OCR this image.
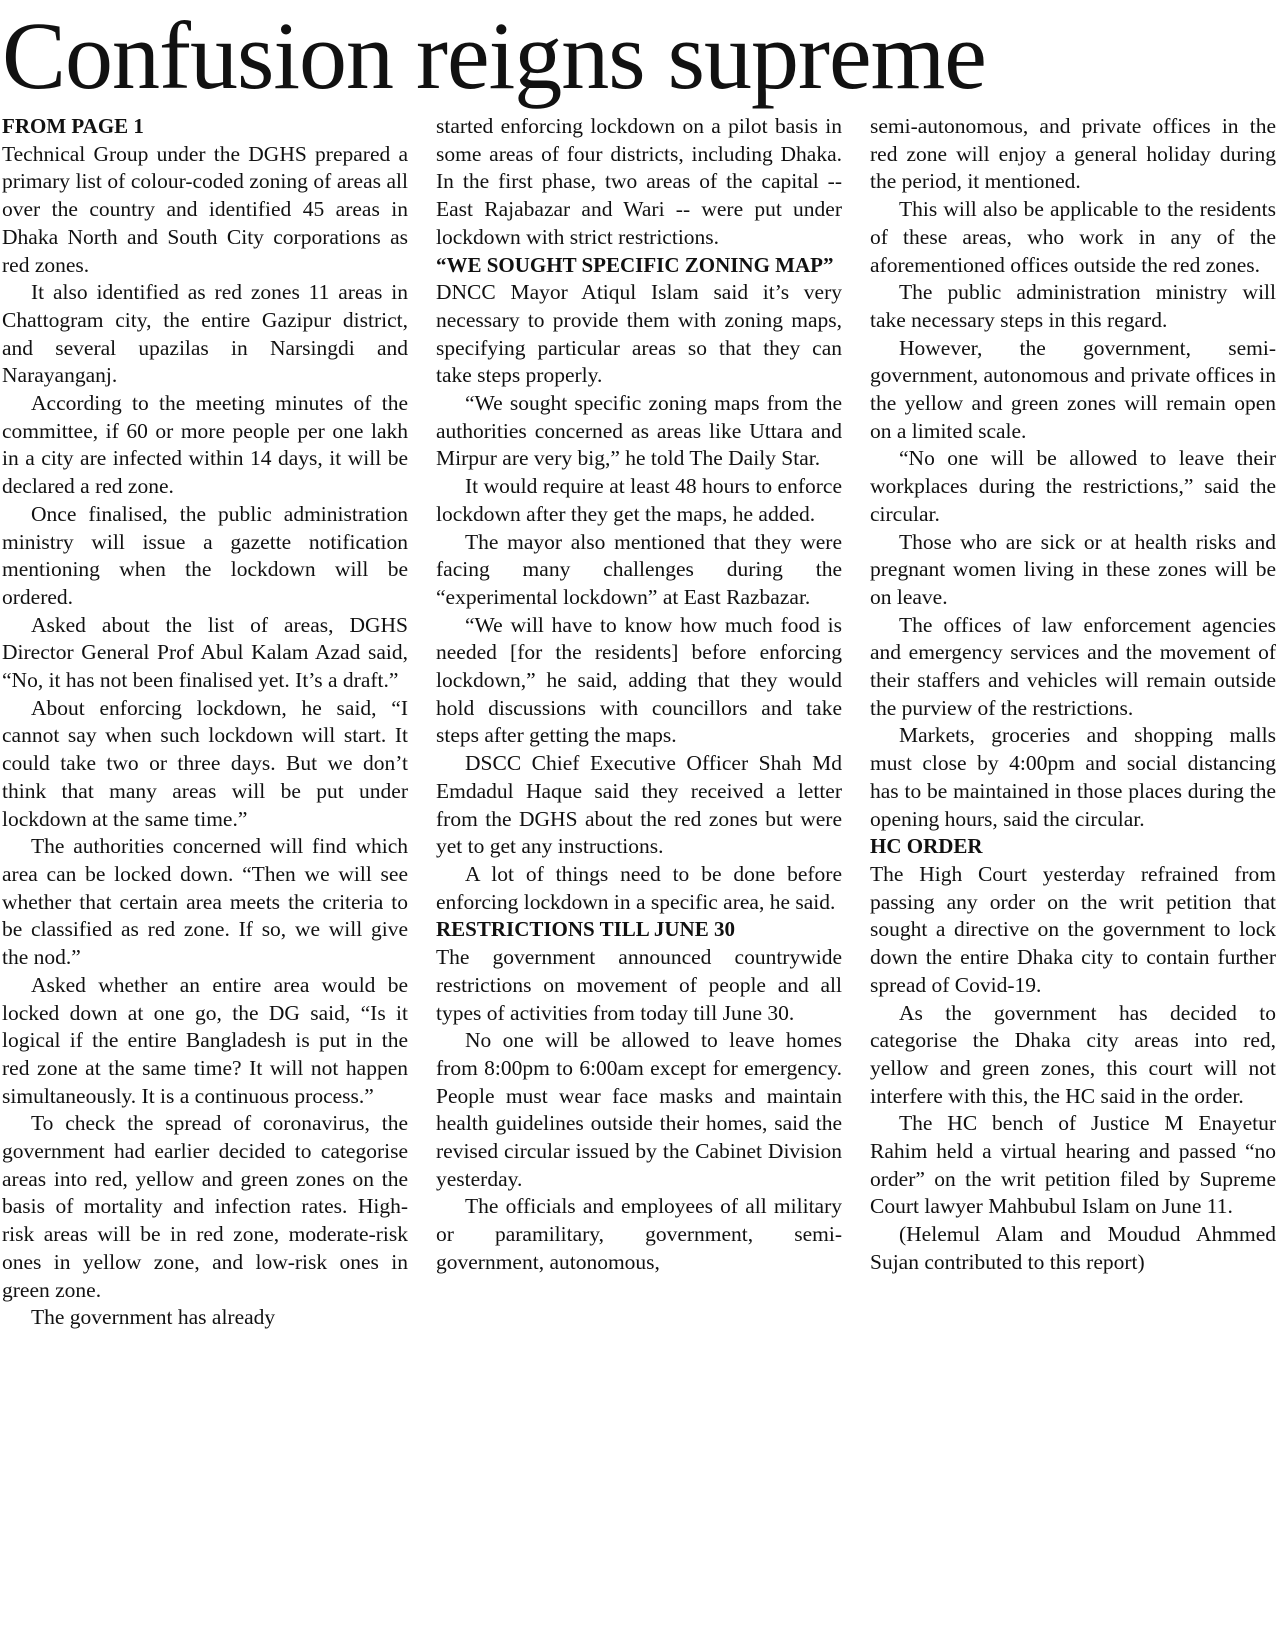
Confusion reigns supreme
FROM PAGE 1

Technical Group under the DGHS prepared a primary list of colour-coded zoning of areas all over the country and identified 45 areas in Dhaka North and South City corporations as red zones.

It also identified as red zones 11 areas in Chattogram city, the entire Gazipur district, and several upazilas in Narsingdi and Narayanganj.

According to the meeting minutes of the committee, if 60 or more people per one lakh in a city are infected within 14 days, it will be declared a red zone.

Once finalised, the public administration ministry will issue a gazette notification mentioning when the lockdown will be ordered.

Asked about the list of areas, DGHS Director General Prof Abul Kalam Azad said, “No, it has not been finalised yet. It’s a draft.”

About enforcing lockdown, he said, “I cannot say when such lockdown will start. It could take two or three days. But we don’t think that many areas will be put under lockdown at the same time.”

The authorities concerned will find which area can be locked down. “Then we will see whether that certain area meets the criteria to be classified as red zone. If so, we will give the nod.”

Asked whether an entire area would be locked down at one go, the DG said, “Is it logical if the entire Bangladesh is put in the red zone at the same time? It will not happen simultaneously. It is a continuous process.”

To check the spread of coronavirus, the government had earlier decided to categorise areas into red, yellow and green zones on the basis of mortality and infection rates. High-risk areas will be in red zone, moderate-risk ones in yellow zone, and low-risk ones in green zone.

The government has already

started enforcing lockdown on a pilot basis in some areas of four districts, including Dhaka. In the first phase, two areas of the capital -- East Rajabazar and Wari -- were put under lockdown with strict restrictions.

“WE SOUGHT SPECIFIC ZONING MAP”

DNCC Mayor Atiqul Islam said it’s very necessary to provide them with zoning maps, specifying particular areas so that they can take steps properly.

“We sought specific zoning maps from the authorities concerned as areas like Uttara and Mirpur are very big,” he told The Daily Star.

It would require at least 48 hours to enforce lockdown after they get the maps, he added.

The mayor also mentioned that they were facing many challenges during the “experimental lockdown” at East Razbazar.

“We will have to know how much food is needed [for the residents] before enforcing lockdown,” he said, adding that they would hold discussions with councillors and take steps after getting the maps.

DSCC Chief Executive Officer Shah Md Emdadul Haque said they received a letter from the DGHS about the red zones but were yet to get any instructions.

A lot of things need to be done before enforcing lockdown in a specific area, he said.

RESTRICTIONS TILL JUNE 30

The government announced countrywide restrictions on movement of people and all types of activities from today till June 30.

No one will be allowed to leave homes from 8:00pm to 6:00am except for emergency. People must wear face masks and maintain health guidelines outside their homes, said the revised circular issued by the Cabinet Division yesterday.

The officials and employees of all military or paramilitary, government, semi-government, autonomous,

semi-autonomous, and private offices in the red zone will enjoy a general holiday during the period, it mentioned.

This will also be applicable to the residents of these areas, who work in any of the aforementioned offices outside the red zones.

The public administration ministry will take necessary steps in this regard.

However, the government, semi-government, autonomous and private offices in the yellow and green zones will remain open on a limited scale.

“No one will be allowed to leave their workplaces during the restrictions,” said the circular.

Those who are sick or at health risks and pregnant women living in these zones will be on leave.

The offices of law enforcement agencies and emergency services and the movement of their staffers and vehicles will remain outside the purview of the restrictions.

Markets, groceries and shopping malls must close by 4:00pm and social distancing has to be maintained in those places during the opening hours, said the circular.

HC ORDER

The High Court yesterday refrained from passing any order on the writ petition that sought a directive on the government to lock down the entire Dhaka city to contain further spread of Covid-19.

As the government has decided to categorise the Dhaka city areas into red, yellow and green zones, this court will not interfere with this, the HC said in the order.

The HC bench of Justice M Enayetur Rahim held a virtual hearing and passed “no order” on the writ petition filed by Supreme Court lawyer Mahbubul Islam on June 11.

(Helemul Alam and Moudud Ahmmed Sujan contributed to this report)
